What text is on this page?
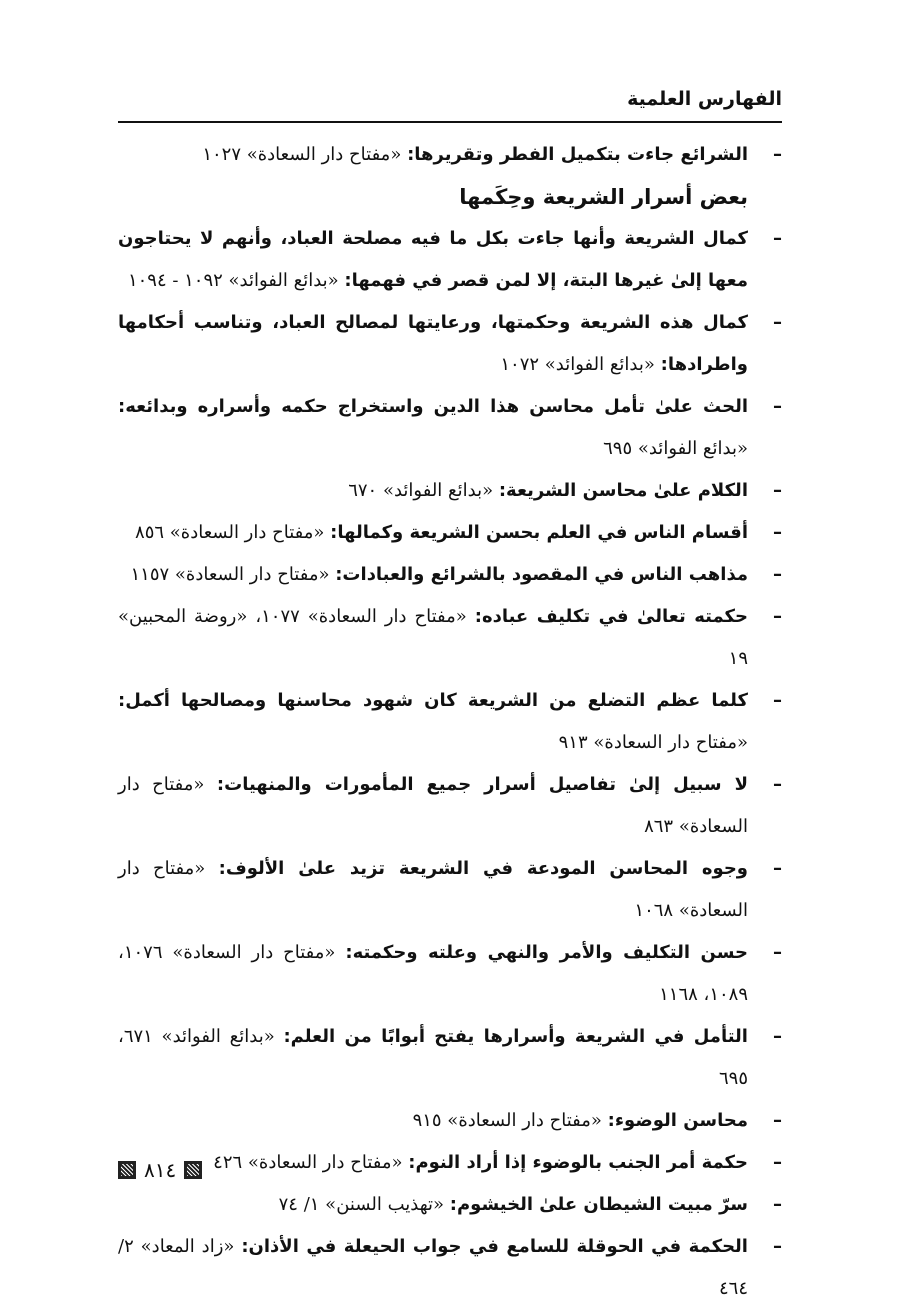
الفهارس العلمية
–
الشرائع جاءت بتكميل الفطر وتقريرها: «مفتاح دار السعادة» ١٠٢٧
بعض أسرار الشريعة وحِكَمها
–
كمال الشريعة وأنها جاءت بكل ما فيه مصلحة العباد، وأنهم لا يحتاجون معها إلىٰ غيرها البتة، إلا لمن قصر في فهمها: «بدائع الفوائد» ١٠٩٢ - ١٠٩٤
–
كمال هذه الشريعة وحكمتها، ورعايتها لمصالح العباد، وتناسب أحكامها واطرادها: «بدائع الفوائد» ١٠٧٢
–
الحث علىٰ تأمل محاسن هذا الدين واستخراج حكمه وأسراره وبدائعه: «بدائع الفوائد» ٦٩٥
–
الكلام علىٰ محاسن الشريعة: «بدائع الفوائد» ٦٧٠
–
أقسام الناس في العلم بحسن الشريعة وكمالها: «مفتاح دار السعادة» ٨٥٦
–
مذاهب الناس في المقصود بالشرائع والعبادات: «مفتاح دار السعادة» ١١٥٧
–
حكمته تعالىٰ في تكليف عباده: «مفتاح دار السعادة» ١٠٧٧، «روضة المحبين» ١٩
–
كلما عظم التضلع من الشريعة كان شهود محاسنها ومصالحها أكمل: «مفتاح دار السعادة» ٩١٣
–
لا سبيل إلىٰ تفاصيل أسرار جميع المأمورات والمنهيات: «مفتاح دار السعادة» ٨٦٣
–
وجوه المحاسن المودعة في الشريعة تزيد علىٰ الألوف: «مفتاح دار السعادة» ١٠٦٨
–
حسن التكليف والأمر والنهي وعلته وحكمته: «مفتاح دار السعادة» ١٠٧٦، ١٠٨٩، ١١٦٨
–
التأمل في الشريعة وأسرارها يفتح أبوابًا من العلم: «بدائع الفوائد» ٦٧١، ٦٩٥
–
محاسن الوضوء: «مفتاح دار السعادة» ٩١٥
–
حكمة أمر الجنب بالوضوء إذا أراد النوم: «مفتاح دار السعادة» ٤٢٦
–
سرّ مبيت الشيطان علىٰ الخيشوم: «تهذيب السنن» ١/ ٧٤
–
الحكمة في الحوقلة للسامع في جواب الحيعلة في الأذان: «زاد المعاد» ٢/ ٤٦٤
٨١٤
